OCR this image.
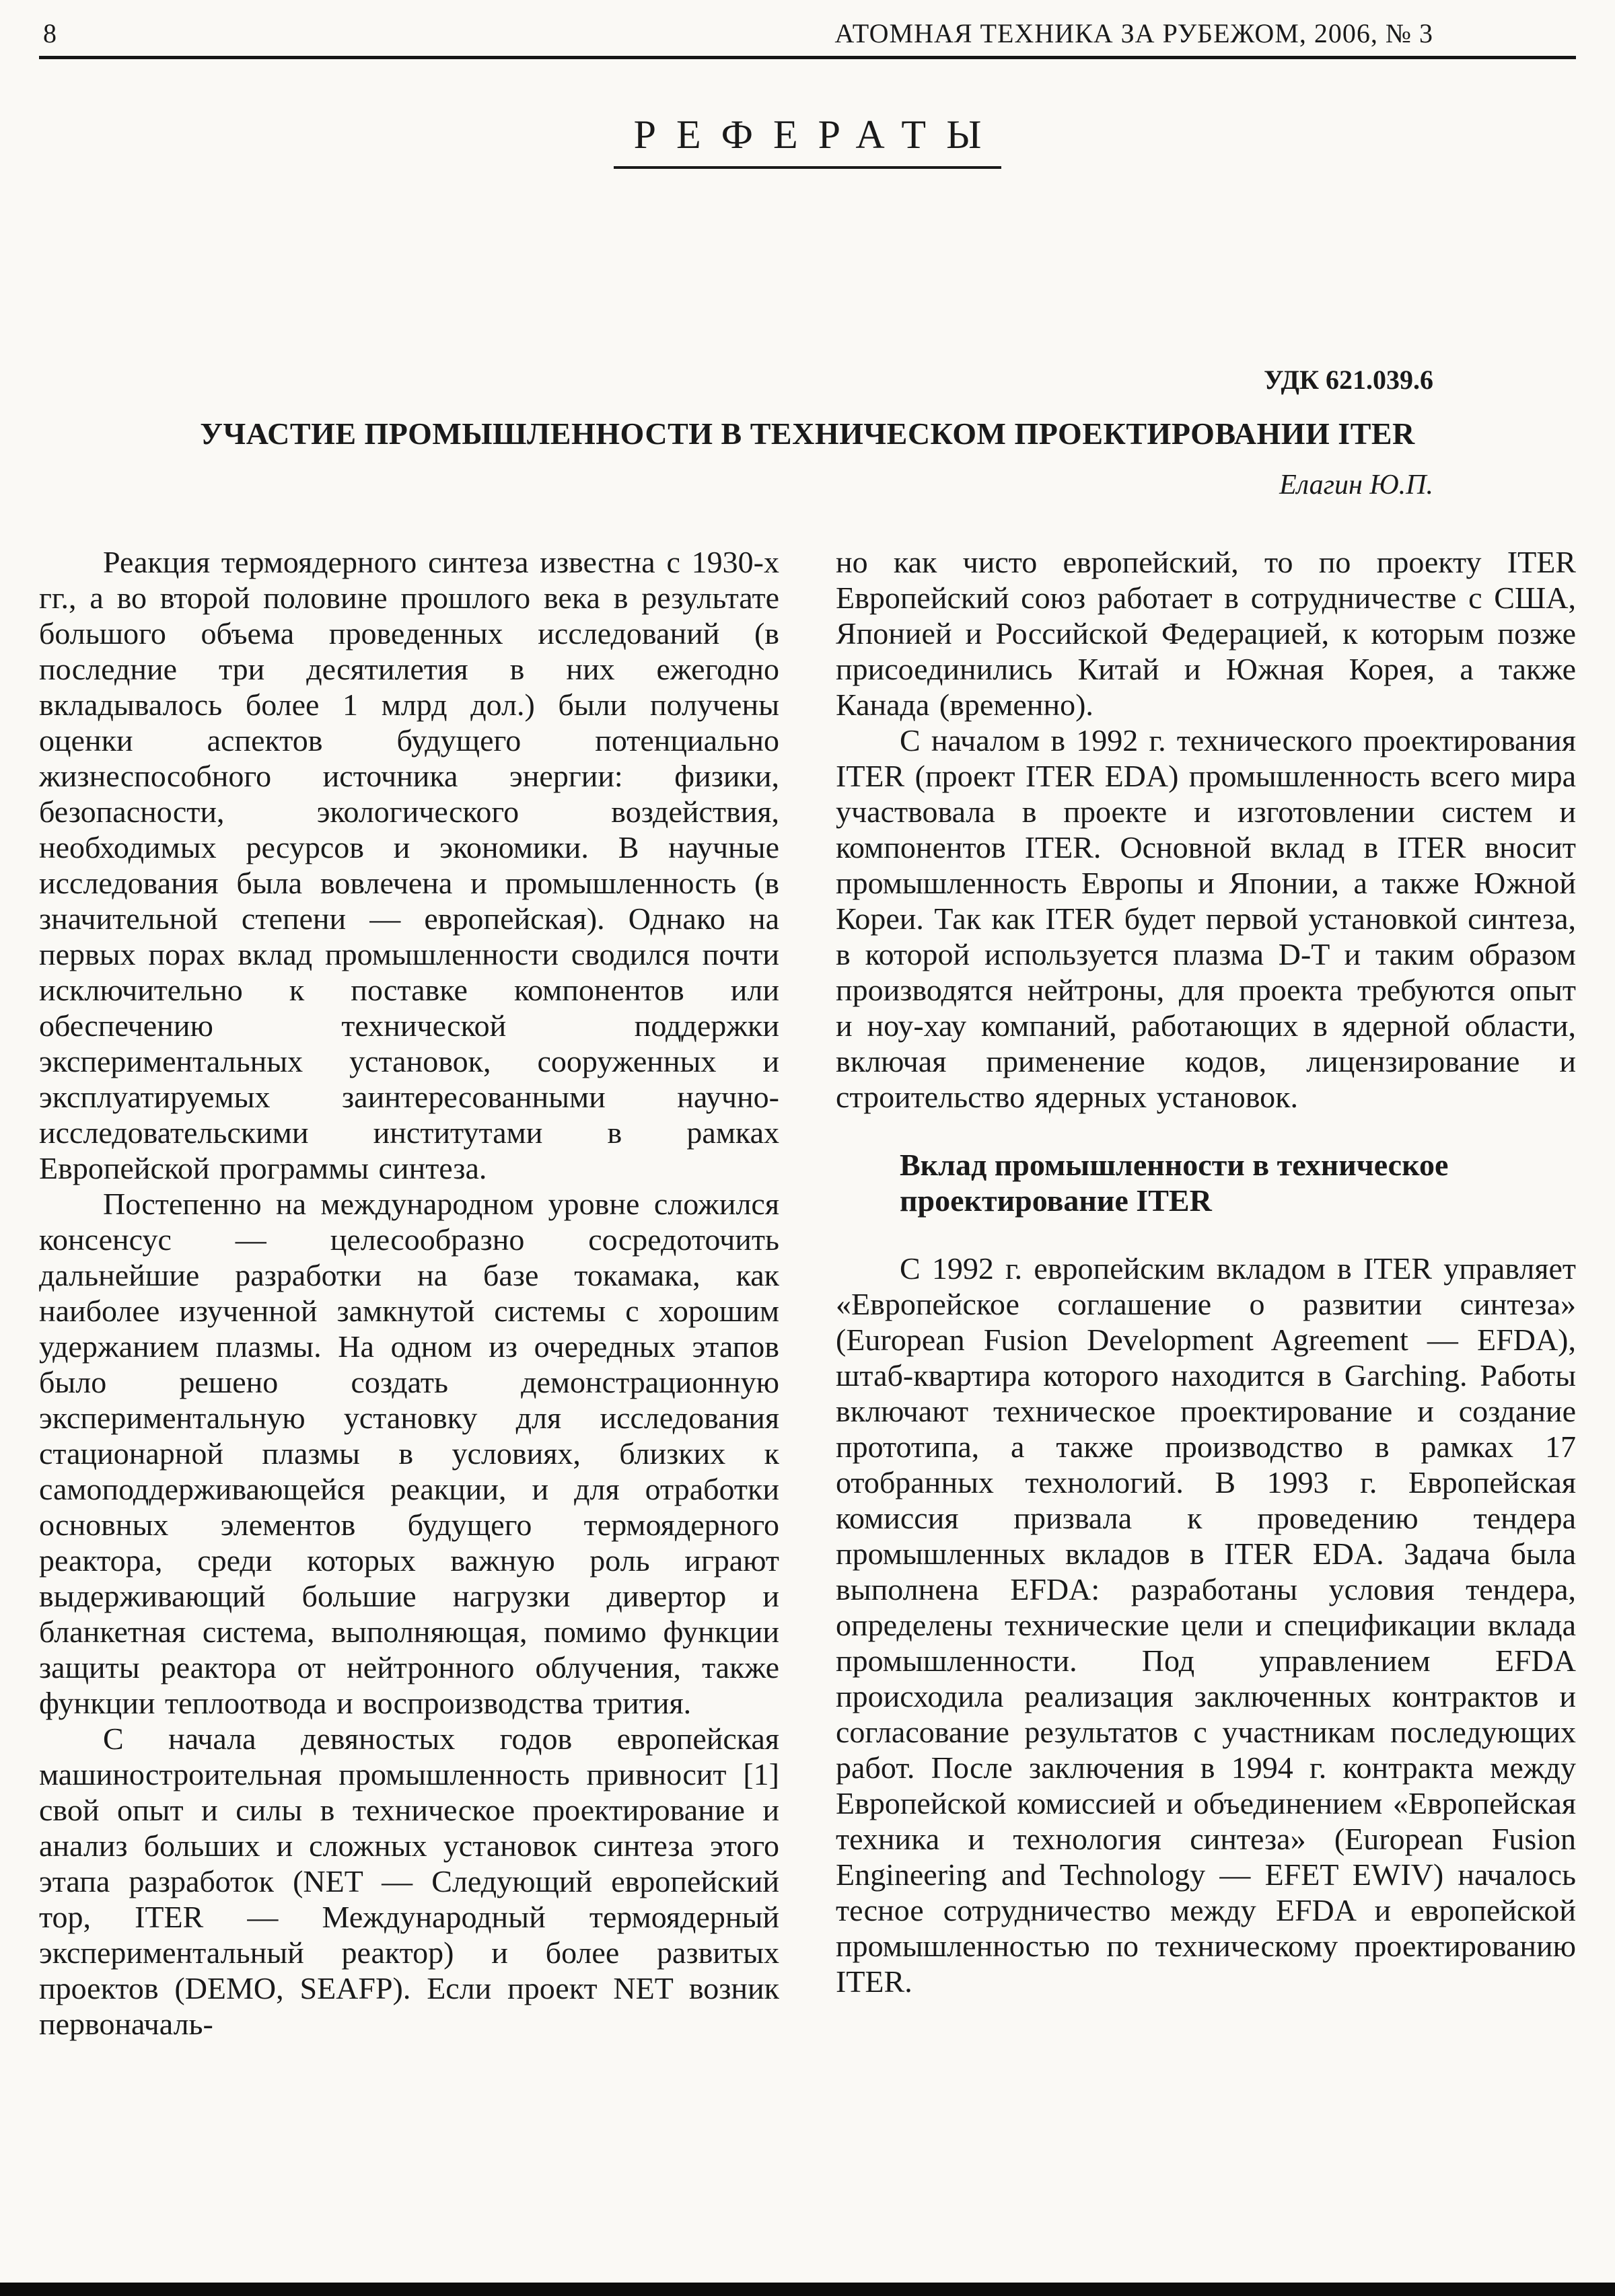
8	АТОМНАЯ ТЕХНИКА ЗА РУБЕЖОМ, 2006, № 3
РЕФЕРАТЫ
УДК 621.039.6
УЧАСТИЕ ПРОМЫШЛЕННОСТИ В ТЕХНИЧЕСКОМ ПРОЕКТИРОВАНИИ ITER
Елагин Ю.П.

Реакция термоядерного синтеза известна с 1930-х гг., а во второй половине прошлого века в результате большого объема проведенных исследований (в последние три десятилетия в них ежегодно вкладывалось более 1 млрд дол.) были получены оценки аспектов будущего потенциально жизнеспособного источника энергии: физики, безопасности, экологического воздействия, необходимых ресурсов и экономики. В научные исследования была вовлечена и промышленность (в значительной степени — европейская). Однако на первых порах вклад промышленности сводился почти исключительно к поставке компонентов или обеспечению технической поддержки экспериментальных установок, сооруженных и эксплуатируемых заинтересованными научно-исследовательскими институтами в рамках Европейской программы синтеза.

Постепенно на международном уровне сложился консенсус — целесообразно сосредоточить дальнейшие разработки на базе токамака, как наиболее изученной замкнутой системы с хорошим удержанием плазмы. На одном из очередных этапов было решено создать демонстрационную экспериментальную установку для исследования стационарной плазмы в условиях, близких к самоподдерживающейся реакции, и для отработки основных элементов будущего термоядерного реактора, среди которых важную роль играют выдерживающий большие нагрузки дивертор и бланкетная система, выполняющая, помимо функции защиты реактора от нейтронного облучения, также функции теплоотвода и воспроизводства трития.

С начала девяностых годов европейская машиностроительная промышленность привносит [1] свой опыт и силы в техническое проектирование и анализ больших и сложных установок синтеза этого этапа разработок (NET — Следующий европейский тор, ITER — Международный термоядерный экспериментальный реактор) и более развитых проектов (DEMO, SEAFP). Если проект NET возник первоначаль-

но как чисто европейский, то по проекту ITER Европейский союз работает в сотрудничестве с США, Японией и Российской Федерацией, к которым позже присоединились Китай и Южная Корея, а также Канада (временно).

С началом в 1992 г. технического проектирования ITER (проект ITER EDA) промышленность всего мира участвовала в проекте и изготовлении систем и компонентов ITER. Основной вклад в ITER вносит промышленность Европы и Японии, а также Южной Кореи. Так как ITER будет первой установкой синтеза, в которой используется плазма D-T и таким образом производятся нейтроны, для проекта требуются опыт и ноу-хау компаний, работающих в ядерной области, включая применение кодов, лицензирование и строительство ядерных установок.

Вклад промышленности в техническое проектирование ITER

С 1992 г. европейским вкладом в ITER управляет «Европейское соглашение о развитии синтеза» (European Fusion Development Agreement — EFDA), штаб-квартира которого находится в Garching. Работы включают техническое проектирование и создание прототипа, а также производство в рамках 17 отобранных технологий. В 1993 г. Европейская комиссия призвала к проведению тендера промышленных вкладов в ITER EDA. Задача была выполнена EFDA: разработаны условия тендера, определены технические цели и спецификации вклада промышленности. Под управлением EFDA происходила реализация заключенных контрактов и согласование результатов с участникам последующих работ. После заключения в 1994 г. контракта между Европейской комиссией и объединением «Европейская техника и технология синтеза» (European Fusion Engineering and Technology — EFET EWIV) началось тесное сотрудничество между EFDA и европейской промышленностью по техническому проектированию ITER.
